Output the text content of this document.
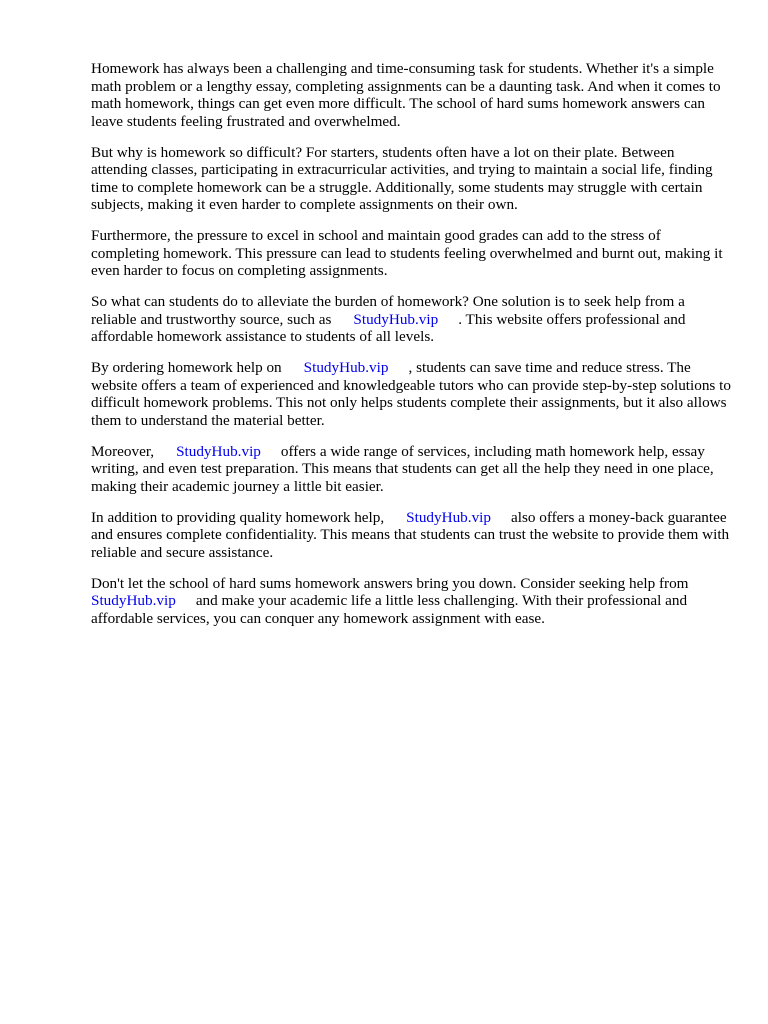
Homework has always been a challenging and time-consuming task for students. Whether it's a simple math problem or a lengthy essay, completing assignments can be a daunting task. And when it comes to math homework, things can get even more difficult. The school of hard sums homework answers can leave students feeling frustrated and overwhelmed.

But why is homework so difficult? For starters, students often have a lot on their plate. Between attending classes, participating in extracurricular activities, and trying to maintain a social life, finding time to complete homework can be a struggle. Additionally, some students may struggle with certain subjects, making it even harder to complete assignments on their own.

Furthermore, the pressure to excel in school and maintain good grades can add to the stress of completing homework. This pressure can lead to students feeling overwhelmed and burnt out, making it even harder to focus on completing assignments.

So what can students do to alleviate the burden of homework? One solution is to seek help from a reliable and trustworthy source, such as StudyHub.vip . This website offers professional and affordable homework assistance to students of all levels.

By ordering homework help on StudyHub.vip , students can save time and reduce stress. The website offers a team of experienced and knowledgeable tutors who can provide step-by-step solutions to difficult homework problems. This not only helps students complete their assignments, but it also allows them to understand the material better.

Moreover, StudyHub.vip offers a wide range of services, including math homework help, essay writing, and even test preparation. This means that students can get all the help they need in one place, making their academic journey a little bit easier.

In addition to providing quality homework help, StudyHub.vip also offers a money-back guarantee and ensures complete confidentiality. This means that students can trust the website to provide them with reliable and secure assistance.

Don't let the school of hard sums homework answers bring you down. Consider seeking help from StudyHub.vip and make your academic life a little less challenging. With their professional and affordable services, you can conquer any homework assignment with ease.
